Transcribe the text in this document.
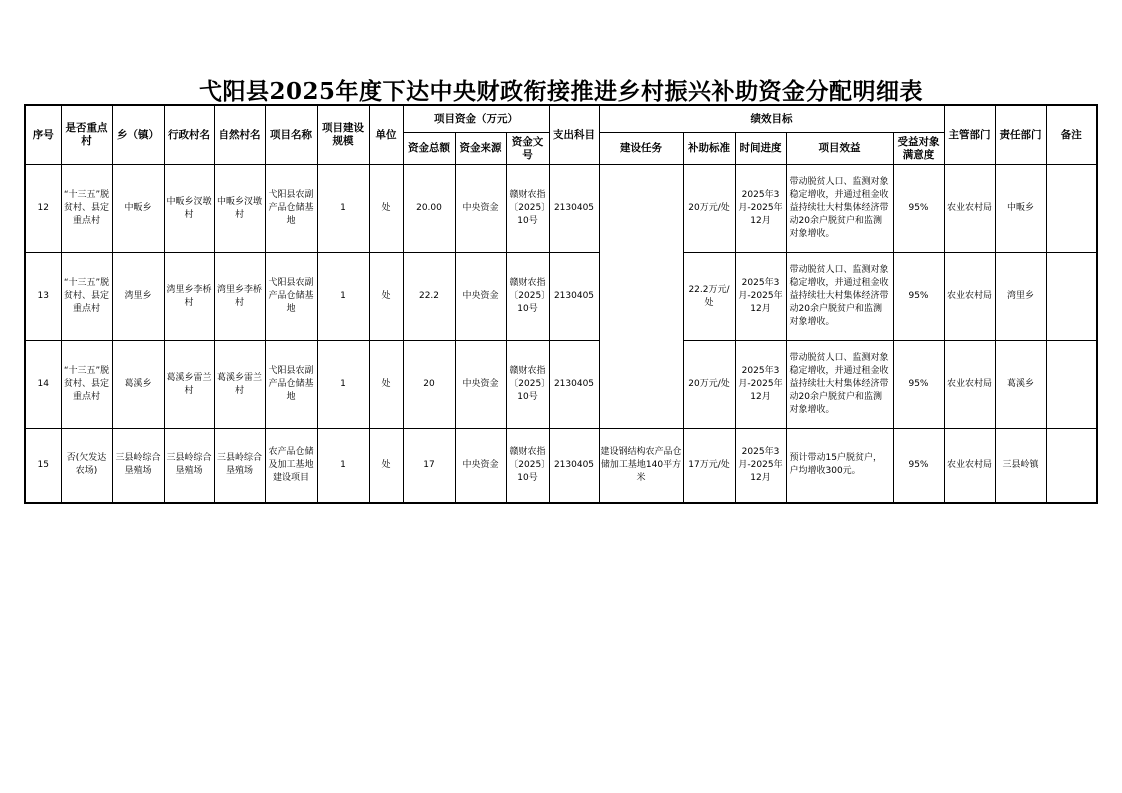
弋阳县2025年度下达中央财政衔接推进乡村振兴补助资金分配明细表
序号	是否重点村	乡（镇）	行政村名	自然村名	项目名称	项目建设规模	单位	项目资金（万元）			支出科目	绩效目标					主管部门	责任部门	备注
								资金总额	资金来源	资金文号		建设任务	补助标准	时间进度	项目效益	受益对象满意度			
12	“十三五”脱贫村、县定重点村	中畈乡	中畈乡汊墩村	中畈乡汊墩村	弋阳县农副产品仓储基地	1	处	20.00	中央资金	赣财农指〔2025〕10号	2130405		20万元/处	2025年3月-2025年12月	带动脱贫人口、监测对象稳定增收，并通过租金收益持续壮大村集体经济带动20余户脱贫户和监测对象增收。	95%	农业农村局	中畈乡	
13	“十三五”脱贫村、县定重点村	湾里乡	湾里乡李桥村	湾里乡李桥村	弋阳县农副产品仓储基地	1	处	22.2	中央资金	赣财农指〔2025〕10号	2130405		22.2万元/处	2025年3月-2025年12月	带动脱贫人口、监测对象稳定增收，并通过租金收益持续壮大村集体经济带动20余户脱贫户和监测对象增收。	95%	农业农村局	湾里乡	
14	“十三五”脱贫村、县定重点村	葛溪乡	葛溪乡雷兰村	葛溪乡雷兰村	弋阳县农副产品仓储基地	1	处	20	中央资金	赣财农指〔2025〕10号	2130405		20万元/处	2025年3月-2025年12月	带动脱贫人口、监测对象稳定增收，并通过租金收益持续壮大村集体经济带动20余户脱贫户和监测对象增收。	95%	农业农村局	葛溪乡	
15	否(欠发达农场)	三县岭综合垦殖场	三县岭综合垦殖场	三县岭综合垦殖场	农产品仓储及加工基地建设项目	1	处	17	中央资金	赣财农指〔2025〕10号	2130405	建设钢结构农产品仓储加工基地140平方米	17万元/处	2025年3月-2025年12月	预计带动15户脱贫户，户均增收300元。	95%	农业农村局	三县岭镇	
